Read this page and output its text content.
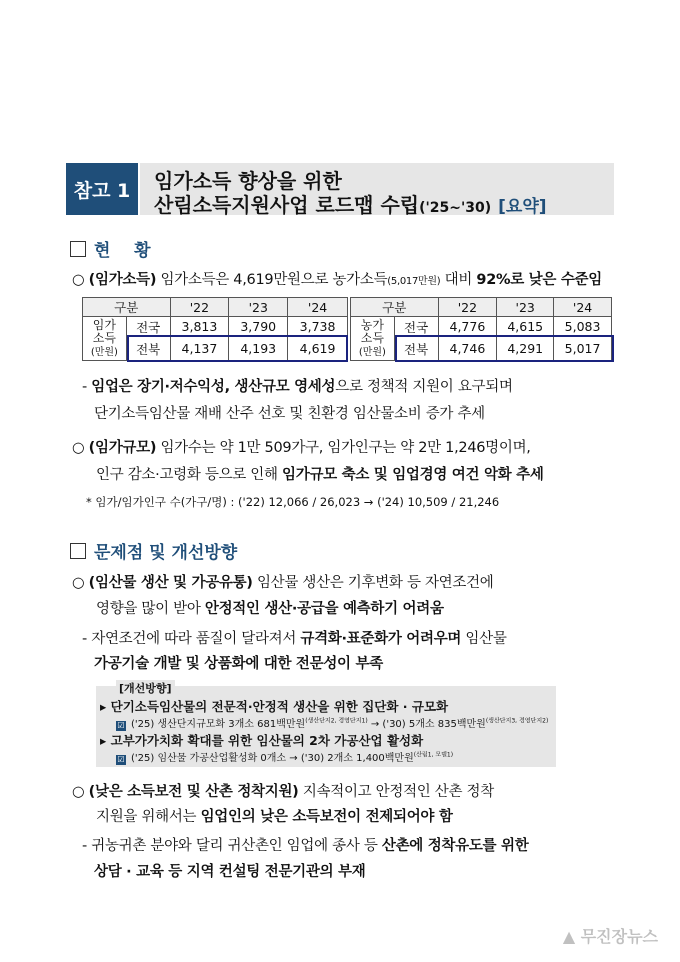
참고 1	임가소득 향상을 위한
산림소득지원사업 로드맵 수립('25~'30) [요약]
현    황
○ (임가소득) 임가소득은 4,619만원으로 농가소득(5,017만원) 대비 92%로 낮은 수준임
구분		'22	'23	'24
임가
소득
(만원)	전국	3,813	3,790	3,738
	전북	4,137	4,193	4,619
구분		'22	'23	'24
농가
소득
(만원)	전국	4,776	4,615	5,083
	전북	4,746	4,291	5,017
- 임업은 장기·저수익성, 생산규모 영세성으로 정책적 지원이 요구되며
단기소득임산물 재배 산주 선호 및 친환경 임산물소비 증가 추세
○ (임가규모) 임가수는 약 1만 509가구, 임가인구는 약 2만 1,246명이며,
인구 감소·고령화 등으로 인해 임가규모 축소 및 임업경영 여건 악화 추세
* 임가/임가인구 수(가구/명) : ('22) 12,066 / 26,023 → ('24) 10,509 / 21,246
문제점 및 개선방향
○ (임산물 생산 및 가공유통) 임산물 생산은 기후변화 등 자연조건에
영향을 많이 받아 안정적인 생산·공급을 예측하기 어려움
- 자연조건에 따라 품질이 달라져서 규격화·표준화가 어려우며 임산물
가공기술 개발 및 상품화에 대한 전문성이 부족
[개선방향]
▸ 단기소득임산물의 전문적·안정적 생산을 위한 집단화 · 규모화
☑ ('25) 생산단지규모화 3개소 681백만원$^{(생산단지2, 경영단지1)}$ → ('30) 5개소 835백만원$^{(생산단지3, 경영단지2)}$
▸ 고부가가치화 확대를 위한 임산물의 2차 가공산업 활성화
☑ ('25) 임산물 가공산업활성화 0개소 → ('30) 2개소 1,400백만원$^{(산림1, 모델1)}$
○ (낮은 소득보전 및 산촌 정착지원) 지속적이고 안정적인 산촌 정착
지원을 위해서는 임업인의 낮은 소득보전이 전제되어야 함
- 귀농귀촌 분야와 달리 귀산촌인 임업에 종사 등 산촌에 정착유도를 위한
상담 · 교육 등 지역 컨설팅 전문기관의 부재
▲ 무진장뉴스
